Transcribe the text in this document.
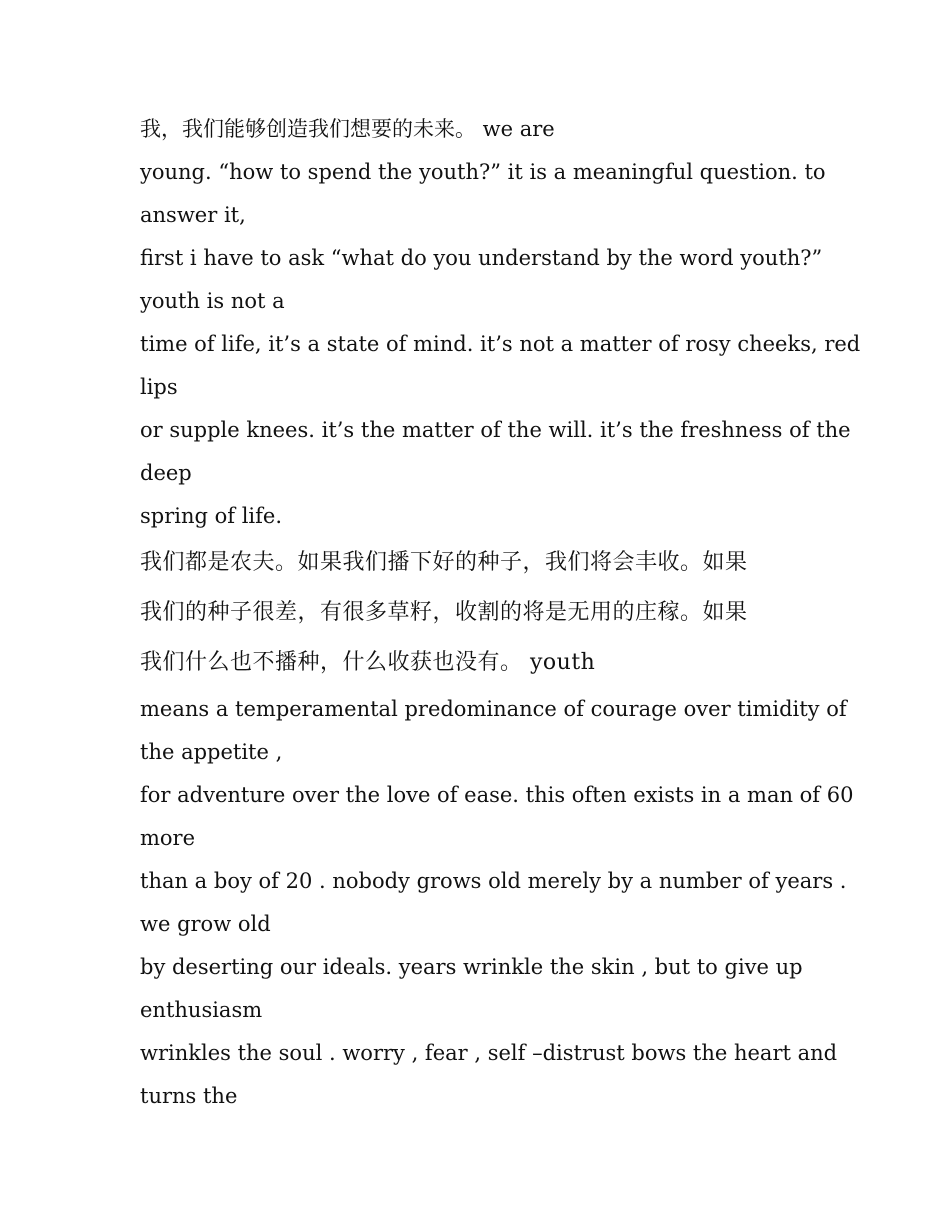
我，我们能够创造我们想要的未来。 we are
young. “how to spend the youth?” it is a meaningful question. to
answer it,
first i have to ask “what do you understand by the word youth?”
youth is not a
time of life, it’s a state of mind. it’s not a matter of rosy cheeks, red
lips
or supple knees. it’s the matter of the will. it’s the freshness of the
deep
spring of life.
我们都是农夫。如果我们播下好的种子，我们将会丰收。如果
我们的种子很差，有很多草籽，收割的将是无用的庄稼。如果
我们什么也不播种，什么收获也没有。 youth
means a temperamental predominance of courage over timidity of
the appetite ,
for adventure over the love of ease. this often exists in a man of 60
more
than a boy of 20 . nobody grows old merely by a number of years .
we grow old
by deserting our ideals. years wrinkle the skin , but to give up
enthusiasm
wrinkles the soul . worry , fear , self –distrust bows the heart and
turns the
